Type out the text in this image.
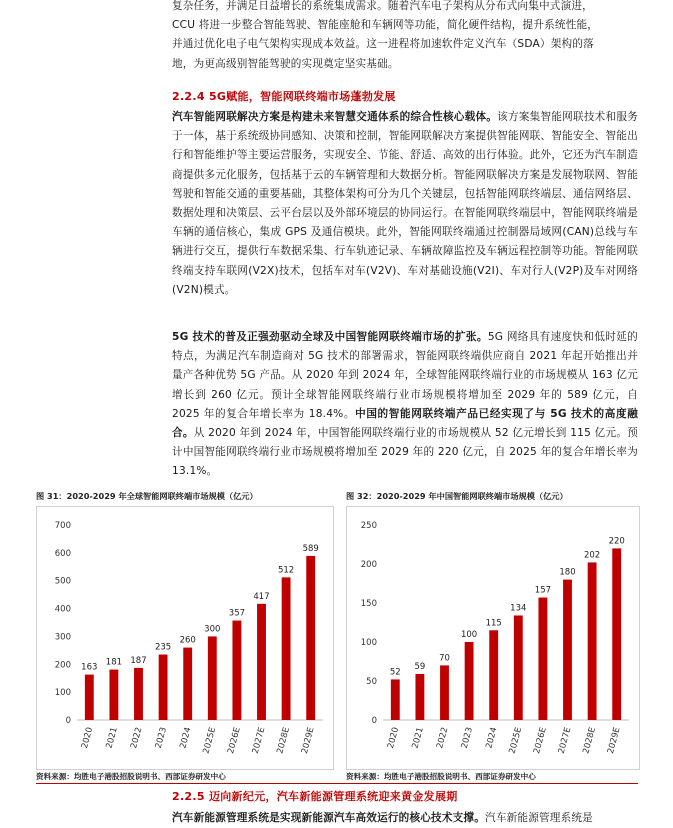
复杂任务，并满足日益增长的系统集成需求。随着汽车电子架构从分布式向集中式演进，
CCU 将进一步整合智能驾驶、智能座舱和车辆网等功能，简化硬件结构，提升系统性能，
并通过优化电子电气架构实现成本效益。这一进程将加速软件定义汽车（SDA）架构的落
地，为更高级别智能驾驶的实现奠定坚实基础。
2.2.4 5G赋能，智能网联终端市场蓬勃发展
汽车智能网联解决方案是构建未来智慧交通体系的综合性核心载体。该方案集智能网联技术和服务于一体，基于系统级协同感知、决策和控制，智能网联解决方案提供智能网联、智能安全、智能出行和智能维护等主要运营服务，实现安全、节能、舒适、高效的出行体验。此外，它还为汽车制造商提供多元化服务，包括基于云的车辆管理和大数据分析。智能网联解决方案是发展物联网、智能驾驶和智能交通的重要基础，其整体架构可分为几个关键层，包括智能网联终端层、通信网络层、数据处理和决策层、云平台层以及外部环境层的协同运行。在智能网联终端层中，智能网联终端是车辆的通信核心，集成 GPS 及通信模块。此外，智能网联终端通过控制器局域网(CAN)总线与车辆进行交互，提供行车数据采集、行车轨迹记录、车辆故障监控及车辆远程控制等功能。智能网联终端支持车联网(V2X)技术，包括车对车(V2V)、车对基础设施(V2I)、车对行人(V2P)及车对网络(V2N)模式。
5G 技术的普及正强劲驱动全球及中国智能网联终端市场的扩张。5G 网络具有速度快和低时延的特点，为满足汽车制造商对 5G 技术的部署需求，智能网联终端供应商自 2021 年起开始推出并量产各种优势 5G 产品。从 2020 年到 2024 年，全球智能网联终端行业的市场规模从 163 亿元增长到 260 亿元。预计全球智能网联终端行业市场规模将增加至 2029 年的 589 亿元，自 2025 年的复合年增长率为 18.4%。中国的智能网联终端产品已经实现了与 5G 技术的高度融合。从 2020 年到 2024 年，中国智能网联终端行业的市场规模从 52 亿元增长到 115 亿元。预计中国智能网联终端行业市场规模将增加至 2029 年的 220 亿元，自 2025 年的复合年增长率为 13.1%。
图 31：2020-2029 年全球智能网联终端市场规模（亿元）
0
100
200
300
400
500
600
700
163
2020
181
2021
187
2022
235
2023
260
2024
300
2025E
357
2026E
417
2027E
512
2028E
589
2029E
资料来源：均胜电子港股招股说明书、西部证券研发中心
图 32：2020-2029 年中国智能网联终端市场规模（亿元）
0
50
100
150
200
250
52
2020
59
2021
70
2022
100
2023
115
2024
134
2025E
157
2026E
180
2027E
202
2028E
220
2029E
资料来源：均胜电子港股招股说明书、西部证券研发中心
2.2.5 迈向新纪元，汽车新能源管理系统迎来黄金发展期
汽车新能源管理系统是实现新能源汽车高效运行的核心技术支撑。汽车新能源管理系统是
